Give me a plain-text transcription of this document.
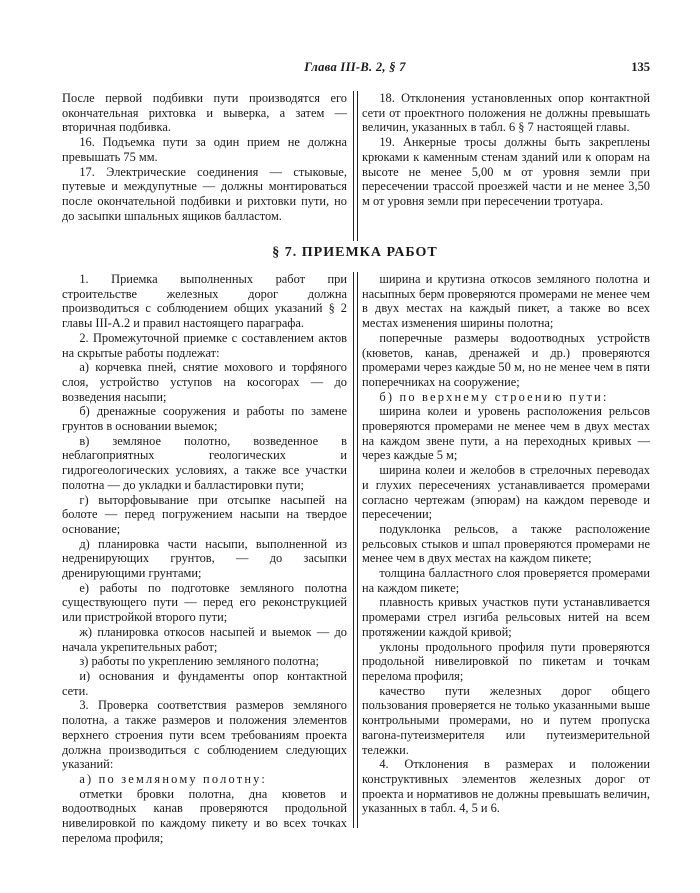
Глава III-В. 2, § 7	135

После первой подбивки пути производятся его окончательная рихтовка и выверка, а затем — вторичная подбивка.

16. Подъемка пути за один прием не должна превышать 75 мм.

17. Электрические соединения — стыковые, путевые и междупутные — должны монтироваться после окончательной подбивки и рихтовки пути, но до засыпки шпальных ящиков балластом.

18. Отклонения установленных опор контактной сети от проектного положения не должны превышать величин, указанных в табл. 6 § 7 настоящей главы.

19. Анкерные тросы должны быть закреплены крюками к каменным стенам зданий или к опорам на высоте не менее 5,00 м от уровня земли при пересечении трассой проезжей части и не менее 3,50 м от уровня земли при пересечении тротуара.

§ 7. ПРИЕМКА РАБОТ

1. Приемка выполненных работ при строительстве железных дорог должна производиться с соблюдением общих указаний § 2 главы III-А.2 и правил настоящего параграфа.

2. Промежуточной приемке с составлением актов на скрытые работы подлежат:

а) корчевка пней, снятие мохового и торфяного слоя, устройство уступов на косогорах — до возведения насыпи;

б) дренажные сооружения и работы по замене грунтов в основании выемок;

в) земляное полотно, возведенное в неблагоприятных геологических и гидрогеологических условиях, а также все участки полотна — до укладки и балластировки пути;

г) выторфовывание при отсыпке насыпей на болоте — перед погружением насыпи на твердое основание;

д) планировка части насыпи, выполненной из недренирующих грунтов, — до засыпки дренирующими грунтами;

е) работы по подготовке земляного полотна существующего пути — перед его реконструкцией или пристройкой второго пути;

ж) планировка откосов насыпей и выемок — до начала укрепительных работ;

з) работы по укреплению земляного полотна;

и) основания и фундаменты опор контактной сети.

3. Проверка соответствия размеров земляного полотна, а также размеров и положения элементов верхнего строения пути всем требованиям проекта должна производиться с соблюдением следующих указаний:

а) по земляному полотну:

отметки бровки полотна, дна кюветов и водоотводных канав проверяются продольной нивелировкой по каждому пикету и во всех точках перелома профиля;

ширина и крутизна откосов земляного полотна и насыпных берм проверяются промерами не менее чем в двух местах на каждый пикет, а также во всех местах изменения ширины полотна;

поперечные размеры водоотводных устройств (кюветов, канав, дренажей и др.) проверяются промерами через каждые 50 м, но не менее чем в пяти поперечниках на сооружение;

б) по верхнему строению пути:

ширина колеи и уровень расположения рельсов проверяются промерами не менее чем в двух местах на каждом звене пути, а на переходных кривых — через каждые 5 м;

ширина колеи и желобов в стрелочных переводах и глухих пересечениях устанавливается промерами согласно чертежам (эпюрам) на каждом переводе и пересечении;

подуклонка рельсов, а также расположение рельсовых стыков и шпал проверяются промерами не менее чем в двух местах на каждом пикете;

толщина балластного слоя проверяется промерами на каждом пикете;

плавность кривых участков пути устанавливается промерами стрел изгиба рельсовых нитей на всем протяжении каждой кривой;

уклоны продольного профиля пути проверяются продольной нивелировкой по пикетам и точкам перелома профиля;

качество пути железных дорог общего пользования проверяется не только указанными выше контрольными промерами, но и путем пропуска вагона-путеизмерителя или путеизмерительной тележки.

4. Отклонения в размерах и положении конструктивных элементов железных дорог от проекта и нормативов не должны превышать величин, указанных в табл. 4, 5 и 6.
